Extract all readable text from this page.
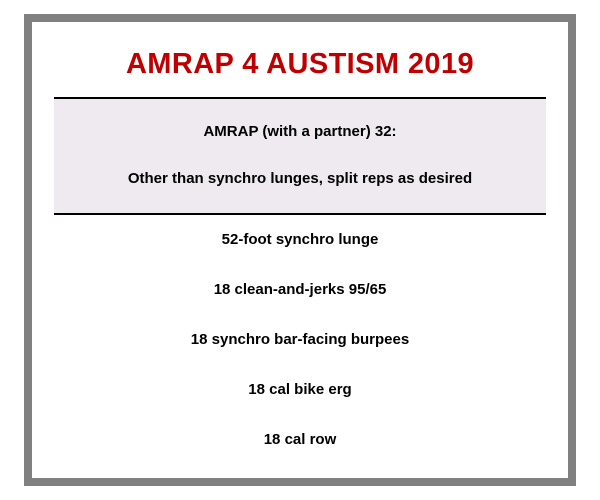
AMRAP 4 AUSTISM 2019
AMRAP (with a partner) 32:
Other than synchro lunges, split reps as desired
52-foot synchro lunge
18 clean-and-jerks 95/65
18 synchro bar-facing burpees
18 cal bike erg
18 cal row
